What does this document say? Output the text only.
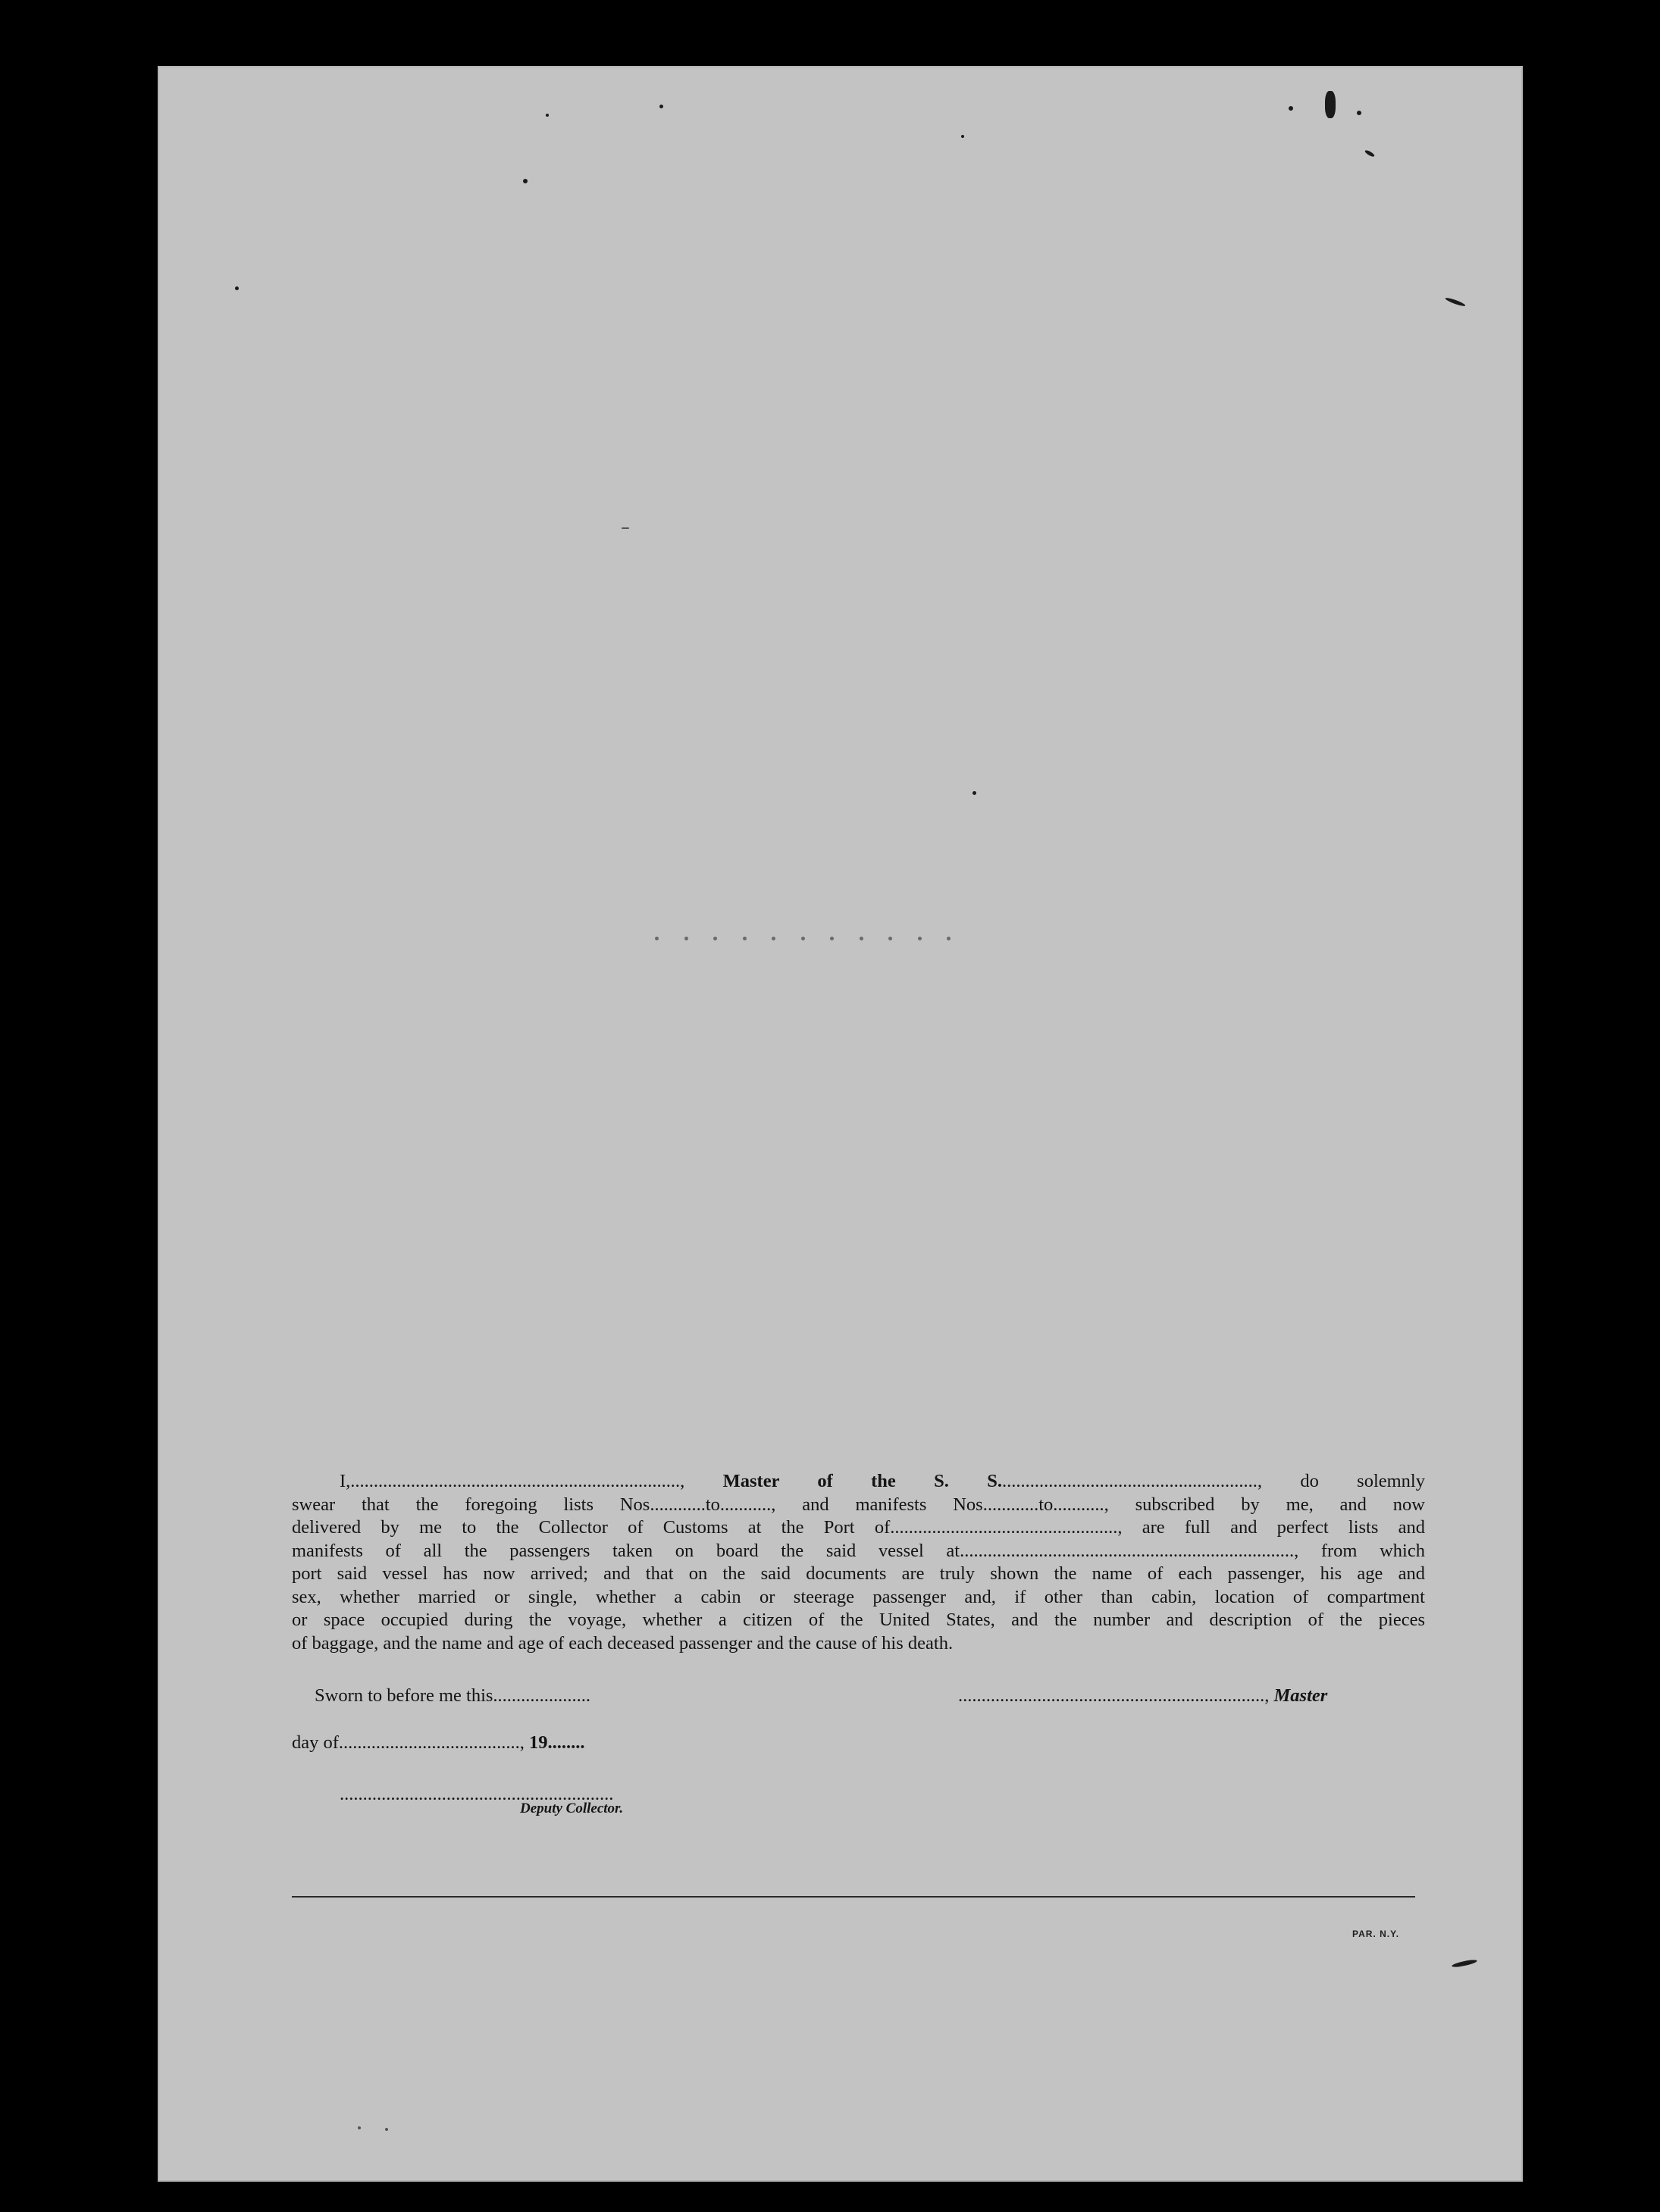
I,......................................................................., Master of the S. S........................................................, do solemnly
swear that the foregoing lists Nos............to..........., and manifests Nos............to..........., subscribed by me, and now
delivered by me to the Collector of Customs at the Port of................................................., are full and perfect lists and
manifests of all the passengers taken on board the said vessel at........................................................................, from which
port said vessel has now arrived; and that on the said documents are truly shown the name of each passenger, his age and
sex, whether married or single, whether a cabin or steerage passenger and, if other than cabin, location of compartment
or space occupied during the voyage, whether a citizen of the United States, and the number and description of the pieces
of baggage, and the name and age of each deceased passenger and the cause of his death.
Sworn to before me this.....................	.................................................................., Master
day of......................................., 19........
...........................................................
Deputy Collector.
PAR. N.Y.
